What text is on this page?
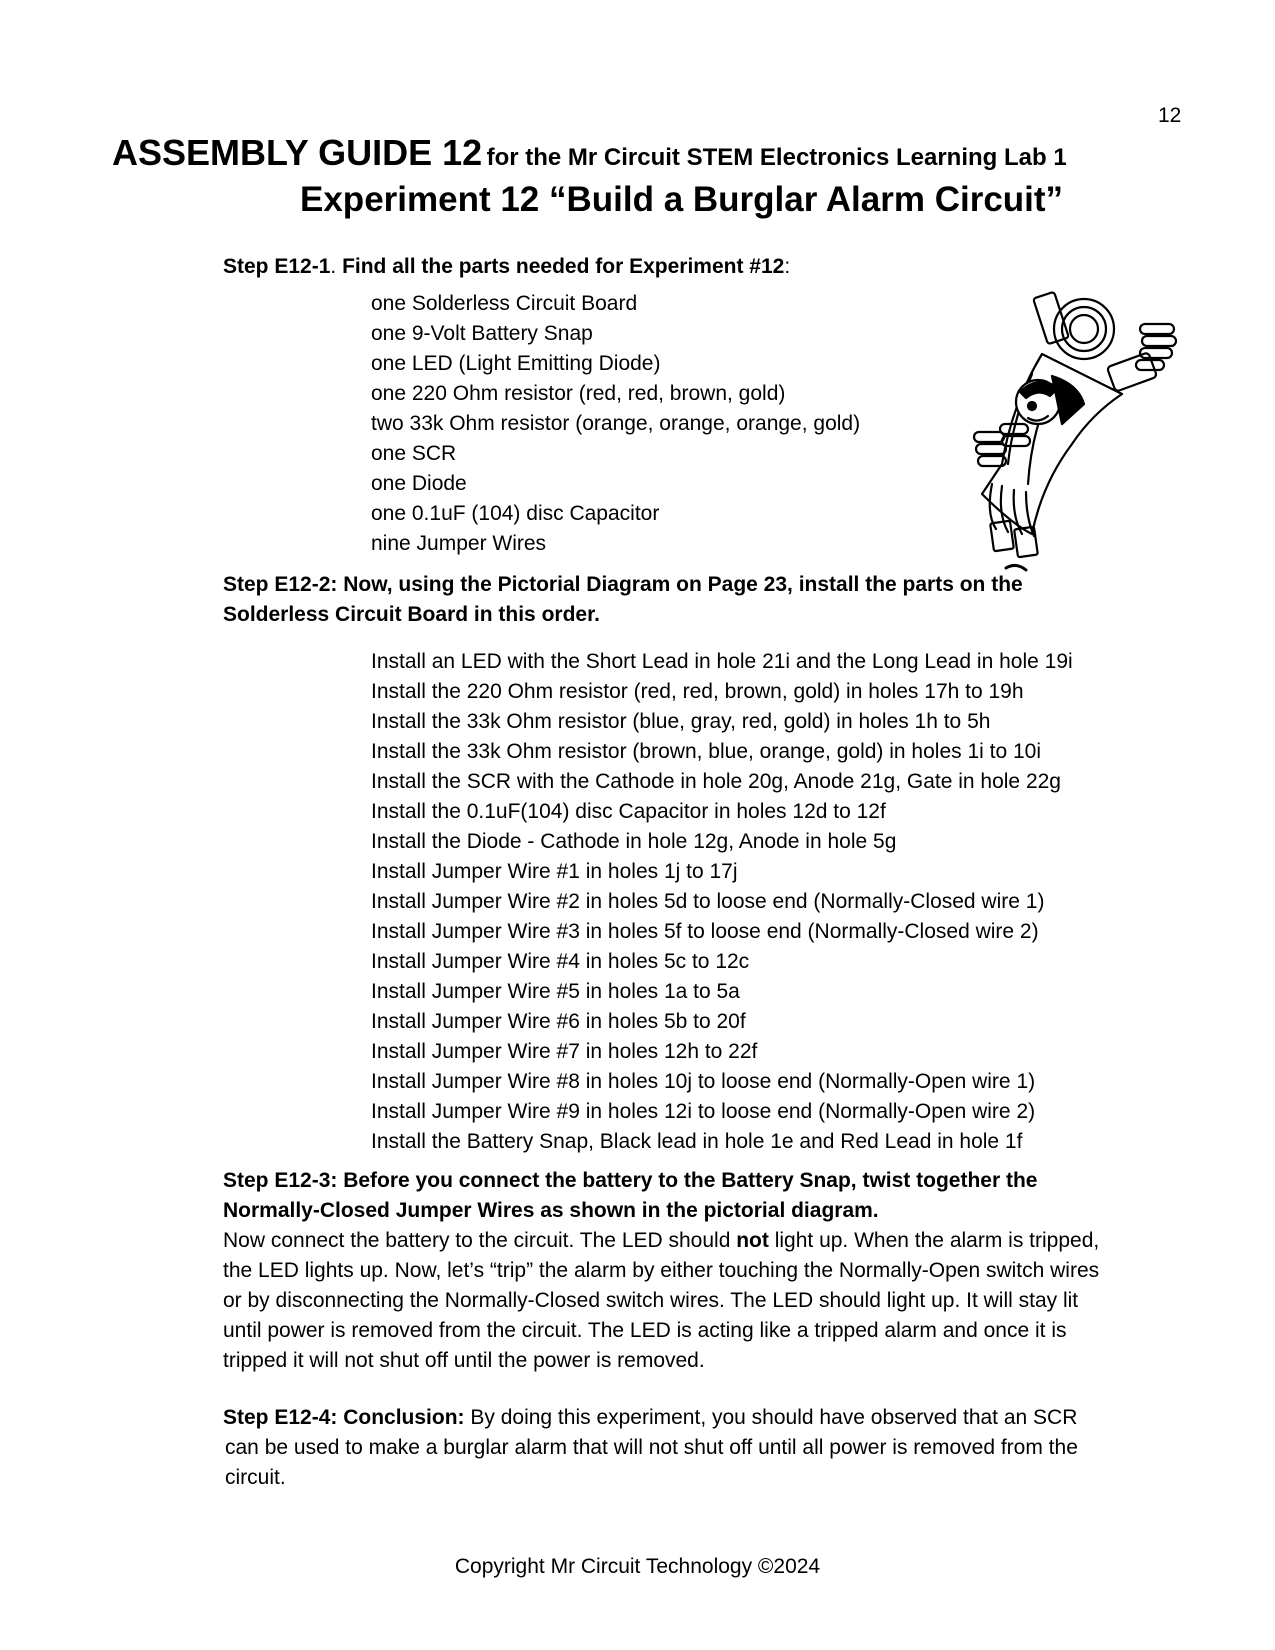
12
ASSEMBLY GUIDE 12 for the Mr Circuit STEM Electronics Learning Lab 1
Experiment 12 “Build a Burglar Alarm Circuit”
Step E12-1. Find all the parts needed for Experiment #12:
one Solderless Circuit Board
one 9-Volt Battery Snap
one LED (Light Emitting Diode)
one 220 Ohm resistor (red, red, brown, gold)
two 33k Ohm resistor (orange, orange, orange, gold)
one SCR
one Diode
one 0.1uF (104) disc Capacitor
nine Jumper Wires
Step E12-2: Now, using the Pictorial Diagram on Page 23, install the parts on the
Solderless Circuit Board in this order.
Install an LED with the Short Lead in hole 21i and the Long Lead in hole 19i
Install the 220 Ohm resistor (red, red, brown, gold) in holes 17h to 19h
Install the 33k Ohm resistor (blue, gray, red, gold) in holes 1h to 5h
Install the 33k Ohm resistor (brown, blue, orange, gold) in holes 1i to 10i
Install the SCR with the Cathode in hole 20g, Anode 21g, Gate in hole 22g
Install the 0.1uF(104) disc Capacitor in holes 12d to 12f
Install the Diode - Cathode in hole 12g, Anode in hole 5g
Install Jumper Wire #1 in holes 1j to 17j
Install Jumper Wire #2 in holes 5d to loose end (Normally-Closed wire 1)
Install Jumper Wire #3 in holes 5f to loose end (Normally-Closed wire 2)
Install Jumper Wire #4 in holes 5c to 12c
Install Jumper Wire #5 in holes 1a to 5a
Install Jumper Wire #6 in holes 5b to 20f
Install Jumper Wire #7 in holes 12h to 22f
Install Jumper Wire #8 in holes 10j to loose end (Normally-Open wire 1)
Install Jumper Wire #9 in holes 12i to loose end (Normally-Open wire 2)
Install the Battery Snap, Black lead in hole 1e and Red Lead in hole 1f
Step E12-3: Before you connect the battery to the Battery Snap, twist together the
Normally-Closed Jumper Wires as shown in the pictorial diagram.
Now connect the battery to the circuit. The LED should not light up. When the alarm is tripped,
the LED lights up. Now, let’s “trip” the alarm by either touching the Normally-Open switch wires
or by disconnecting the Normally-Closed switch wires. The LED should light up. It will stay lit
until power is removed from the circuit. The LED is acting like a tripped alarm and once it is
tripped it will not shut off until the power is removed.
Step E12-4: Conclusion: By doing this experiment, you should have observed that an SCR
can be used to make a burglar alarm that will not shut off until all power is removed from the
circuit.
Copyright Mr Circuit Technology ©2024
